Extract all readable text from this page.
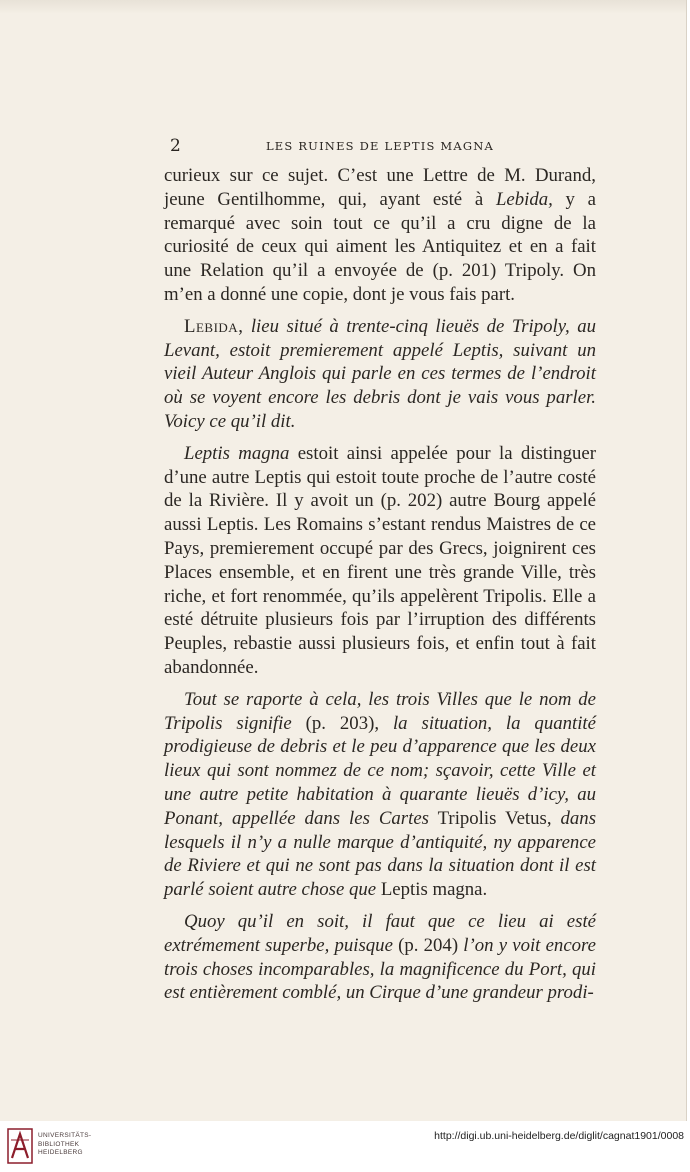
2	LES RUINES DE LEPTIS MAGNA

curieux sur ce sujet. C’est une Lettre de M. Durand, jeune Gentilhomme, qui, ayant esté à Lebida, y a remarqué avec soin tout ce qu’il a cru digne de la curiosité de ceux qui aiment les Antiquitez et en a fait une Relation qu’il a envoyée de (p. 201) Tripoly. On m’en a donné une copie, dont je vous fais part.

Lebida, lieu situé à trente-cinq lieuës de Tripoly, au Levant, estoit premierement appelé Leptis, suivant un vieil Auteur Anglois qui parle en ces termes de l’endroit où se voyent encore les debris dont je vais vous parler. Voicy ce qu’il dit.

Leptis magna estoit ainsi appelée pour la distinguer d’une autre Leptis qui estoit toute proche de l’autre costé de la Rivière. Il y avoit un (p. 202) autre Bourg appelé aussi Leptis. Les Romains s’estant rendus Maistres de ce Pays, premierement occupé par des Grecs, joignirent ces Places ensemble, et en firent une très grande Ville, très riche, et fort renommée, qu’ils appelèrent Tripolis. Elle a esté détruite plusieurs fois par l’irruption des différents Peuples, rebastie aussi plusieurs fois, et enfin tout à fait abandonnée.

Tout se raporte à cela, les trois Villes que le nom de Tripolis signifie (p. 203), la situation, la quantité prodigieuse de debris et le peu d’apparence que les deux lieux qui sont nommez de ce nom; sçavoir, cette Ville et une autre petite habitation à quarante lieuës d’icy, au Ponant, appellée dans les Cartes Tripolis Vetus, dans lesquels il n’y a nulle marque d’antiquité, ny apparence de Riviere et qui ne sont pas dans la situation dont il est parlé soient autre chose que Leptis magna.

Quoy qu’il en soit, il faut que ce lieu ai esté extrémement superbe, puisque (p. 204) l’on y voit encore trois choses incomparables, la magnificence du Port, qui est entièrement comblé, un Cirque d’une grandeur prodi-

UNIVERSITÄTS-
BIBLIOTHEK
HEIDELBERG
http://digi.ub.uni-heidelberg.de/diglit/cagnat1901/0008
